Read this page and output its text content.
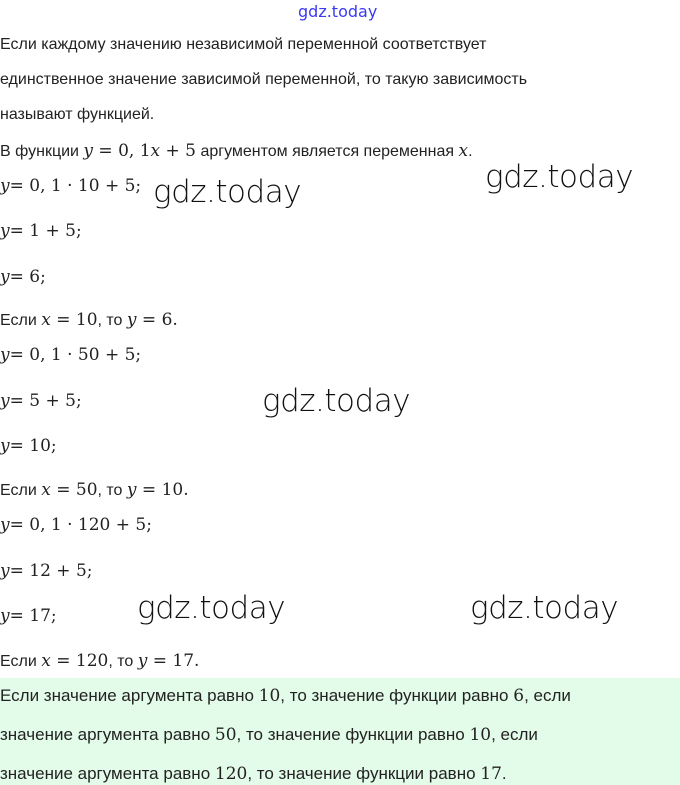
gdz.today
Если каждому значению независимой переменной соответствует
единственное значение зависимой переменной, то такую зависимость
называют функцией.
В функции y = 0, 1x + 5 аргументом является переменная x.
y= 0, 1 · 10 + 5;
y= 1 + 5;
y= 6;
Если x = 10, то y = 6.
y= 0, 1 · 50 + 5;
y= 5 + 5;
y= 10;
Если x = 50, то y = 10.
y= 0, 1 · 120 + 5;
y= 12 + 5;
y= 17;
Если x = 120, то y = 17.
Если значение аргумента равно 10, то значение функции равно 6, если
значение аргумента равно 50, то значение функции равно 10, если
значение аргумента равно 120, то значение функции равно 17.
gdz.today	gdz.today
gdz.today
gdz.today	gdz.today
